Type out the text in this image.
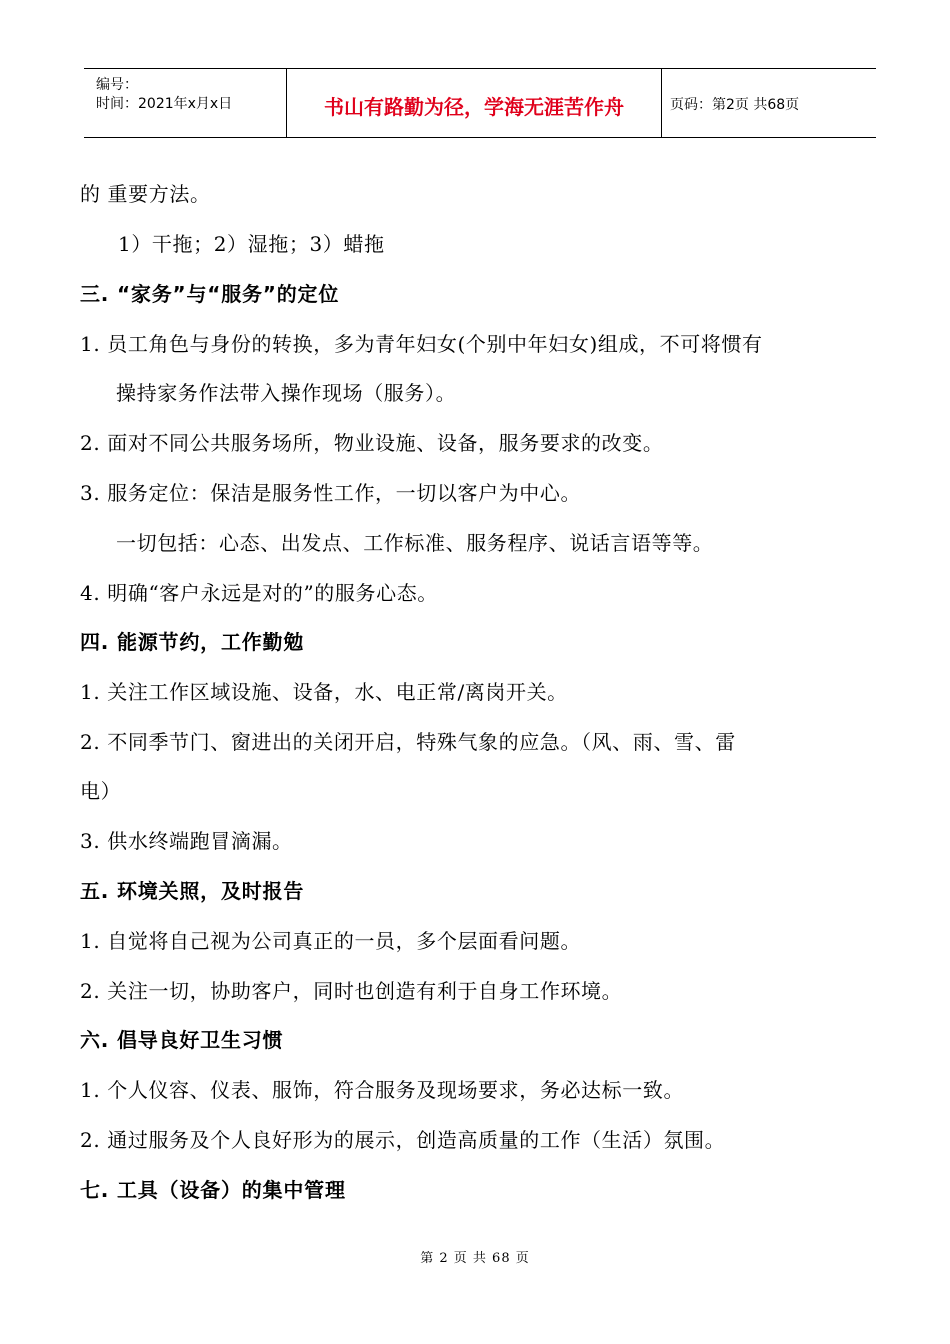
编号：
时间：2021年x月x日	书山有路勤为径，学海无涯苦作舟	页码：第2页 共68页
的 重要方法。
1）干拖；2）湿拖；3）蜡拖
三. “家务”与“服务”的定位
1. 员工角色与身份的转换，多为青年妇女(个别中年妇女)组成，不可将惯有
操持家务作法带入操作现场（服务）。
2. 面对不同公共服务场所，物业设施、设备，服务要求的改变。
3. 服务定位：保洁是服务性工作，一切以客户为中心。
一切包括：心态、出发点、工作标准、服务程序、说话言语等等。
4. 明确“客户永远是对的”的服务心态。
四. 能源节约，工作勤勉
1. 关注工作区域设施、设备，水、电正常/离岗开关。
2. 不同季节门、窗进出的关闭开启，特殊气象的应急。（风、雨、雪、雷
电）
3. 供水终端跑冒滴漏。
五. 环境关照，及时报告
1. 自觉将自己视为公司真正的一员，多个层面看问题。
2. 关注一切，协助客户，同时也创造有利于自身工作环境。
六. 倡导良好卫生习惯
1. 个人仪容、仪表、服饰，符合服务及现场要求，务必达标一致。
2. 通过服务及个人良好形为的展示，创造高质量的工作（生活）氛围。
七. 工具（设备）的集中管理
第 2 页 共 68 页
